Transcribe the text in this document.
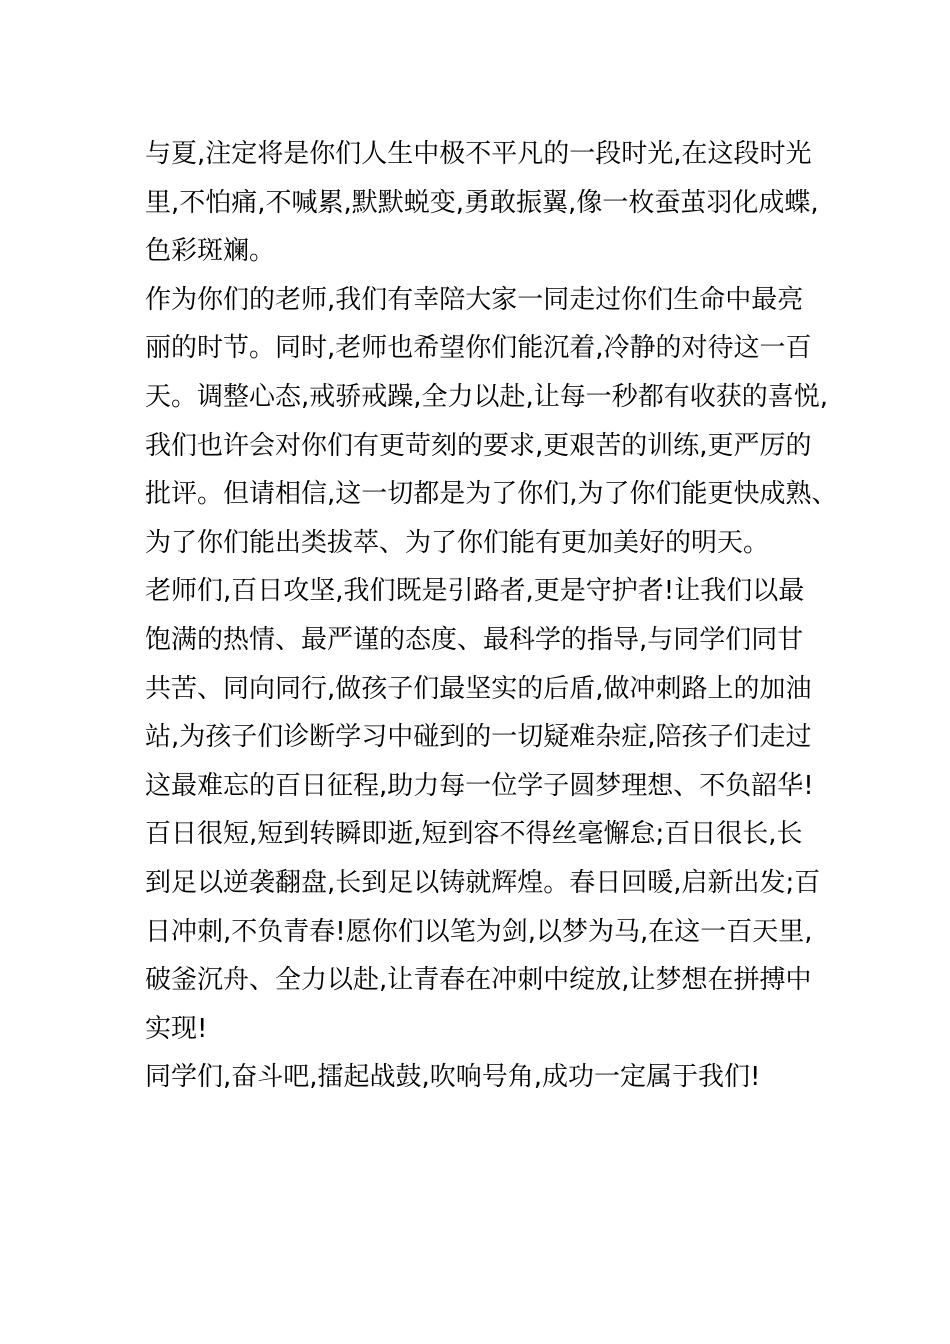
与夏,注定将是你们人生中极不平凡的一段时光,在这段时光
里,不怕痛,不喊累,默默蜕变,勇敢振翼,像一枚蚕茧羽化成蝶,
色彩斑斓。
作为你们的老师,我们有幸陪大家一同走过你们生命中最亮
丽的时节。同时,老师也希望你们能沉着,冷静的对待这一百
天。调整心态,戒骄戒躁,全力以赴,让每一秒都有收获的喜悦,
我们也许会对你们有更苛刻的要求,更艰苦的训练,更严厉的
批评。但请相信,这一切都是为了你们,为了你们能更快成熟、
为了你们能出类拔萃、为了你们能有更加美好的明天。
老师们,百日攻坚,我们既是引路者,更是守护者!让我们以最
饱满的热情、最严谨的态度、最科学的指导,与同学们同甘
共苦、同向同行,做孩子们最坚实的后盾,做冲刺路上的加油
站,为孩子们诊断学习中碰到的一切疑难杂症,陪孩子们走过
这最难忘的百日征程,助力每一位学子圆梦理想、不负韶华!
百日很短,短到转瞬即逝,短到容不得丝毫懈怠;百日很长,长
到足以逆袭翻盘,长到足以铸就辉煌。春日回暖,启新出发;百
日冲刺,不负青春!愿你们以笔为剑,以梦为马,在这一百天里,
破釜沉舟、全力以赴,让青春在冲刺中绽放,让梦想在拼搏中
实现!
同学们,奋斗吧,擂起战鼓,吹响号角,成功一定属于我们!
